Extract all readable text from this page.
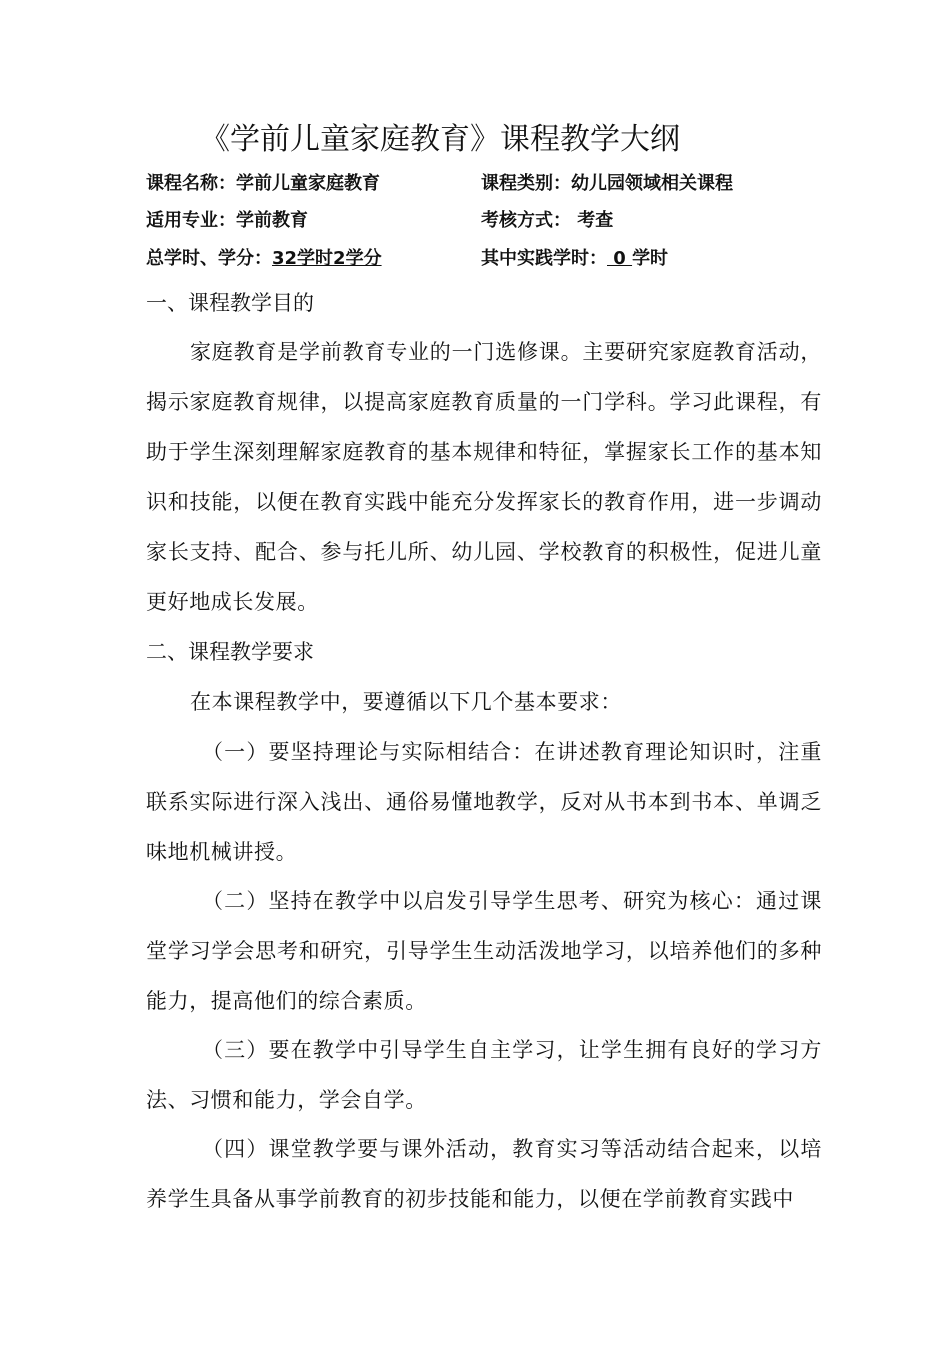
《学前儿童家庭教育》课程教学大纲
课程名称：学前儿童家庭教育	课程类别：幼儿园领域相关课程
适用专业：学前教育	考核方式： 考查
总学时、学分：32学时2学分	其中实践学时： 0 学时
一、课程教学目的
家庭教育是学前教育专业的一门选修课。主要研究家庭教育活动，揭示家庭教育规律，以提高家庭教育质量的一门学科。学习此课程，有助于学生深刻理解家庭教育的基本规律和特征，掌握家长工作的基本知识和技能，以便在教育实践中能充分发挥家长的教育作用，进一步调动家长支持、配合、参与托儿所、幼儿园、学校教育的积极性，促进儿童更好地成长发展。
二、课程教学要求
在本课程教学中，要遵循以下几个基本要求：
（一）要坚持理论与实际相结合：在讲述教育理论知识时，注重联系实际进行深入浅出、通俗易懂地教学，反对从书本到书本、单调乏味地机械讲授。
（二）坚持在教学中以启发引导学生思考、研究为核心：通过课堂学习学会思考和研究，引导学生生动活泼地学习，以培养他们的多种能力，提高他们的综合素质。
（三）要在教学中引导学生自主学习，让学生拥有良好的学习方法、习惯和能力，学会自学。
（四）课堂教学要与课外活动，教育实习等活动结合起来，以培养学生具备从事学前教育的初步技能和能力，以便在学前教育实践中
